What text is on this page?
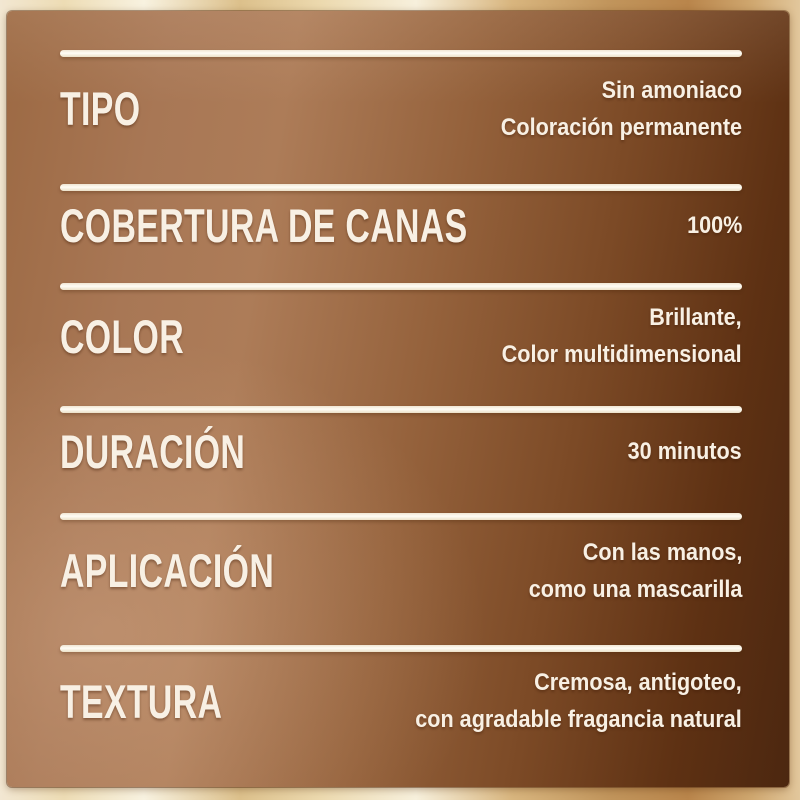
TIPO	Sin amoniaco
Coloración permanente
COBERTURA DE CANAS	100%
COLOR	Brillante,
Color multidimensional
DURACIÓN	30 minutos
APLICACIÓN	Con las manos,
como una mascarilla
TEXTURA	Cremosa, antigoteo,
con agradable fragancia natural
